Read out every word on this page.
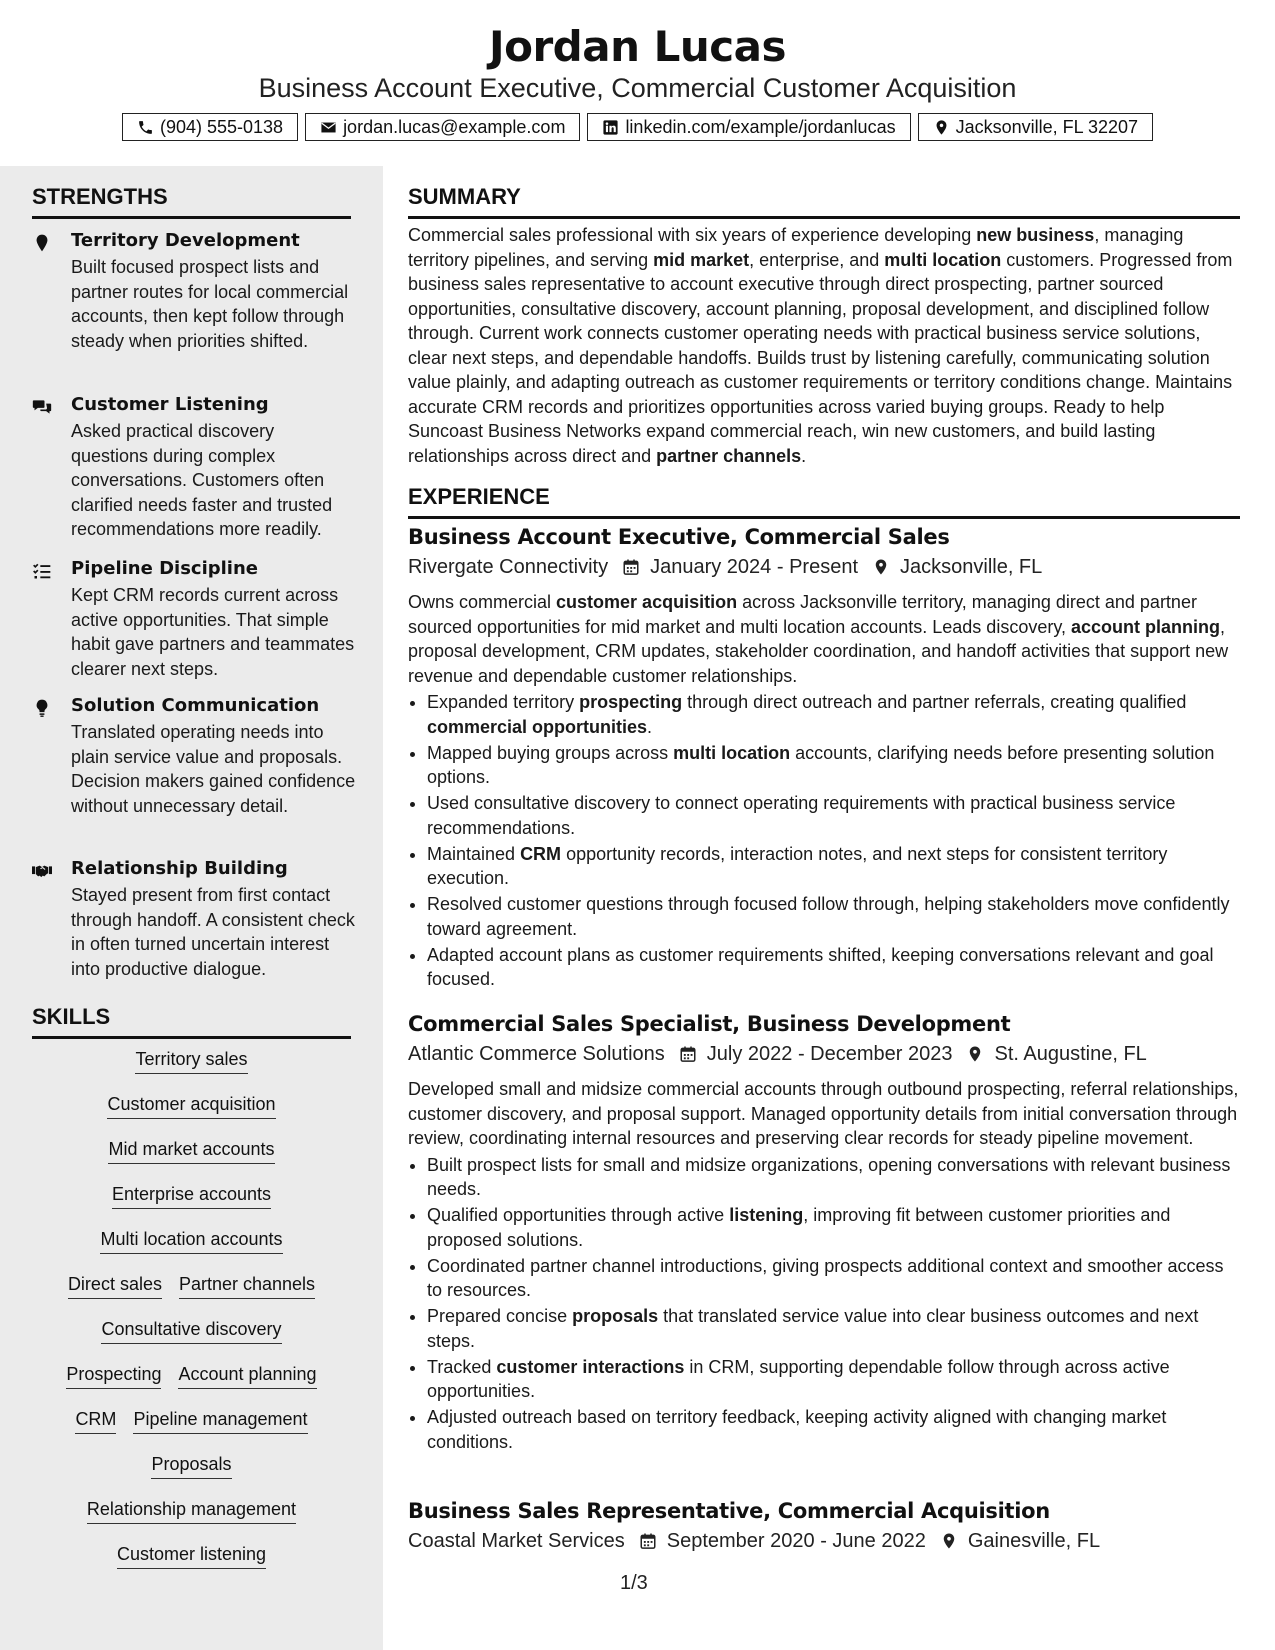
Jordan Lucas
Business Account Executive, Commercial Customer Acquisition
(904) 555-0138	jordan.lucas@example.com	linkedin.com/example/jordanlucas	Jacksonville, FL 32207
STRENGTHS
Territory Development
Built focused prospect lists and partner routes for local commercial accounts, then kept follow through steady when priorities shifted.
Customer Listening
Asked practical discovery questions during complex conversations. Customers often clarified needs faster and trusted recommendations more readily.
Pipeline Discipline
Kept CRM records current across active opportunities. That simple habit gave partners and teammates clearer next steps.
Solution Communication
Translated operating needs into plain service value and proposals. Decision makers gained confidence without unnecessary detail.
Relationship Building
Stayed present from first contact through handoff. A consistent check in often turned uncertain interest into productive dialogue.
SKILLS
Territory sales
Customer acquisition
Mid market accounts
Enterprise accounts
Multi location accounts
Direct sales Partner channels
Consultative discovery
Prospecting Account planning
CRM Pipeline management
Proposals
Relationship management
Customer listening
SUMMARY
Commercial sales professional with six years of experience developing new business, managing territory pipelines, and serving mid market, enterprise, and multi location customers. Progressed from business sales representative to account executive through direct prospecting, partner sourced opportunities, consultative discovery, account planning, proposal development, and disciplined follow through. Current work connects customer operating needs with practical business service solutions, clear next steps, and dependable handoffs. Builds trust by listening carefully, communicating solution value plainly, and adapting outreach as customer requirements or territory conditions change. Maintains accurate CRM records and prioritizes opportunities across varied buying groups. Ready to help Suncoast Business Networks expand commercial reach, win new customers, and build lasting relationships across direct and partner channels.
EXPERIENCE
Business Account Executive, Commercial Sales
Rivergate Connectivity January 2024 - Present Jacksonville, FL
Owns commercial customer acquisition across Jacksonville territory, managing direct and partner sourced opportunities for mid market and multi location accounts. Leads discovery, account planning, proposal development, CRM updates, stakeholder coordination, and handoff activities that support new revenue and dependable customer relationships.
• Expanded territory prospecting through direct outreach and partner referrals, creating qualified commercial opportunities.
• Mapped buying groups across multi location accounts, clarifying needs before presenting solution options.
• Used consultative discovery to connect operating requirements with practical business service recommendations.
• Maintained CRM opportunity records, interaction notes, and next steps for consistent territory execution.
• Resolved customer questions through focused follow through, helping stakeholders move confidently toward agreement.
• Adapted account plans as customer requirements shifted, keeping conversations relevant and goal focused.
Commercial Sales Specialist, Business Development
Atlantic Commerce Solutions July 2022 - December 2023 St. Augustine, FL
Developed small and midsize commercial accounts through outbound prospecting, referral relationships, customer discovery, and proposal support. Managed opportunity details from initial conversation through review, coordinating internal resources and preserving clear records for steady pipeline movement.
• Built prospect lists for small and midsize organizations, opening conversations with relevant business needs.
• Qualified opportunities through active listening, improving fit between customer priorities and proposed solutions.
• Coordinated partner channel introductions, giving prospects additional context and smoother access to resources.
• Prepared concise proposals that translated service value into clear business outcomes and next steps.
• Tracked customer interactions in CRM, supporting dependable follow through across active opportunities.
• Adjusted outreach based on territory feedback, keeping activity aligned with changing market conditions.
Business Sales Representative, Commercial Acquisition
Coastal Market Services September 2020 - June 2022 Gainesville, FL
1/3
